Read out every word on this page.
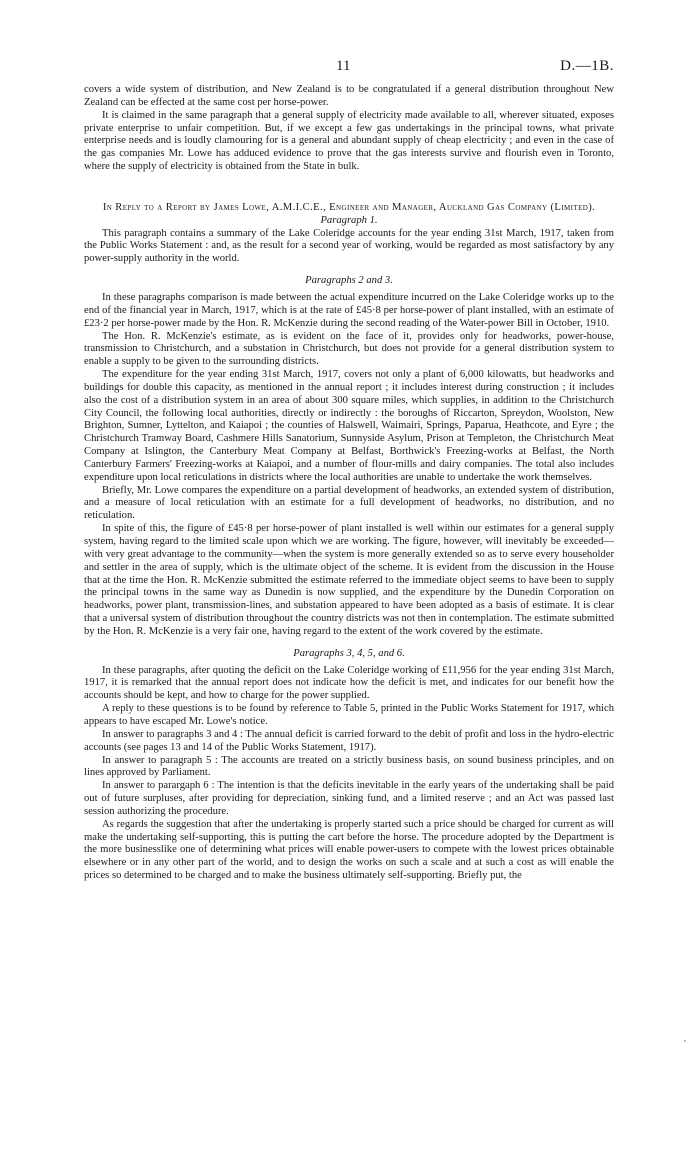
11	D.—1B.

covers a wide system of distribution, and New Zealand is to be congratulated if a general distribution throughout New Zealand can be effected at the same cost per horse-power.

It is claimed in the same paragraph that a general supply of electricity made available to all, wherever situated, exposes private enterprise to unfair competition. But, if we except a few gas undertakings in the principal towns, what private enterprise needs and is loudly clamouring for is a general and abundant supply of cheap electricity ; and even in the case of the gas companies Mr. Lowe has adduced evidence to prove that the gas interests survive and flourish even in Toronto, where the supply of electricity is obtained from the State in bulk.

In Reply to a Report by James Lowe, A.M.I.C.E., Engineer and Manager, Auckland Gas Company (Limited).

Paragraph 1.

This paragraph contains a summary of the Lake Coleridge accounts for the year ending 31st March, 1917, taken from the Public Works Statement : and, as the result for a second year of working, would be regarded as most satisfactory by any power-supply authority in the world.

Paragraphs 2 and 3.

In these paragraphs comparison is made between the actual expenditure incurred on the Lake Coleridge works up to the end of the financial year in March, 1917, which is at the rate of £45·8 per horse-power of plant installed, with an estimate of £23·2 per horse-power made by the Hon. R. McKenzie during the second reading of the Water-power Bill in October, 1910.

The Hon. R. McKenzie's estimate, as is evident on the face of it, provides only for headworks, power-house, transmission to Christchurch, and a substation in Christchurch, but does not provide for a general distribution system to enable a supply to be given to the surrounding districts.

The expenditure for the year ending 31st March, 1917, covers not only a plant of 6,000 kilowatts, but headworks and buildings for double this capacity, as mentioned in the annual report ; it includes interest during construction ; it includes also the cost of a distribution system in an area of about 300 square miles, which supplies, in addition to the Christchurch City Council, the following local authorities, directly or indirectly : the boroughs of Riccarton, Spreydon, Woolston, New Brighton, Sumner, Lyttelton, and Kaiapoi ; the counties of Halswell, Waimairi, Springs, Paparua, Heathcote, and Eyre ; the Christchurch Tramway Board, Cashmere Hills Sanatorium, Sunnyside Asylum, Prison at Templeton, the Christchurch Meat Company at Islington, the Canterbury Meat Company at Belfast, Borthwick's Freezing-works at Belfast, the North Canterbury Farmers' Freezing-works at Kaiapoi, and a number of flour-mills and dairy companies. The total also includes expenditure upon local reticulations in districts where the local authorities are unable to undertake the work themselves.

Briefly, Mr. Lowe compares the expenditure on a partial development of headworks, an extended system of distribution, and a measure of local reticulation with an estimate for a full development of headworks, no distribution, and no reticulation.

In spite of this, the figure of £45·8 per horse-power of plant installed is well within our estimates for a general supply system, having regard to the limited scale upon which we are working. The figure, however, will inevitably be exceeded—with very great advantage to the community—when the system is more generally extended so as to serve every householder and settler in the area of supply, which is the ultimate object of the scheme. It is evident from the discussion in the House that at the time the Hon. R. McKenzie submitted the estimate referred to the immediate object seems to have been to supply the principal towns in the same way as Dunedin is now supplied, and the expenditure by the Dunedin Corporation on headworks, power plant, transmission-lines, and substation appeared to have been adopted as a basis of estimate. It is clear that a universal system of distribution throughout the country districts was not then in contemplation. The estimate submitted by the Hon. R. McKenzie is a very fair one, having regard to the extent of the work covered by the estimate.

Paragraphs 3, 4, 5, and 6.

In these paragraphs, after quoting the deficit on the Lake Coleridge working of £11,956 for the year ending 31st March, 1917, it is remarked that the annual report does not indicate how the deficit is met, and indicates for our benefit how the accounts should be kept, and how to charge for the power supplied.

A reply to these questions is to be found by reference to Table 5, printed in the Public Works Statement for 1917, which appears to have escaped Mr. Lowe's notice.

In answer to paragraphs 3 and 4 : The annual deficit is carried forward to the debit of profit and loss in the hydro-electric accounts (see pages 13 and 14 of the Public Works Statement, 1917).

In answer to paragraph 5 : The accounts are treated on a strictly business basis, on sound business principles, and on lines approved by Parliament.

In answer to parargaph 6 : The intention is that the deficits inevitable in the early years of the undertaking shall be paid out of future surpluses, after providing for depreciation, sinking fund, and a limited reserve ; and an Act was passed last session authorizing the procedure.

As regards the suggestion that after the undertaking is properly started such a price should be charged for current as will make the undertaking self-supporting, this is putting the cart before the horse. The procedure adopted by the Department is the more businesslike one of determining what prices will enable power-users to compete with the lowest prices obtainable elsewhere or in any other part of the world, and to design the works on such a scale and at such a cost as will enable the prices so determined to be charged and to make the business ultimately self-supporting. Briefly put, the
